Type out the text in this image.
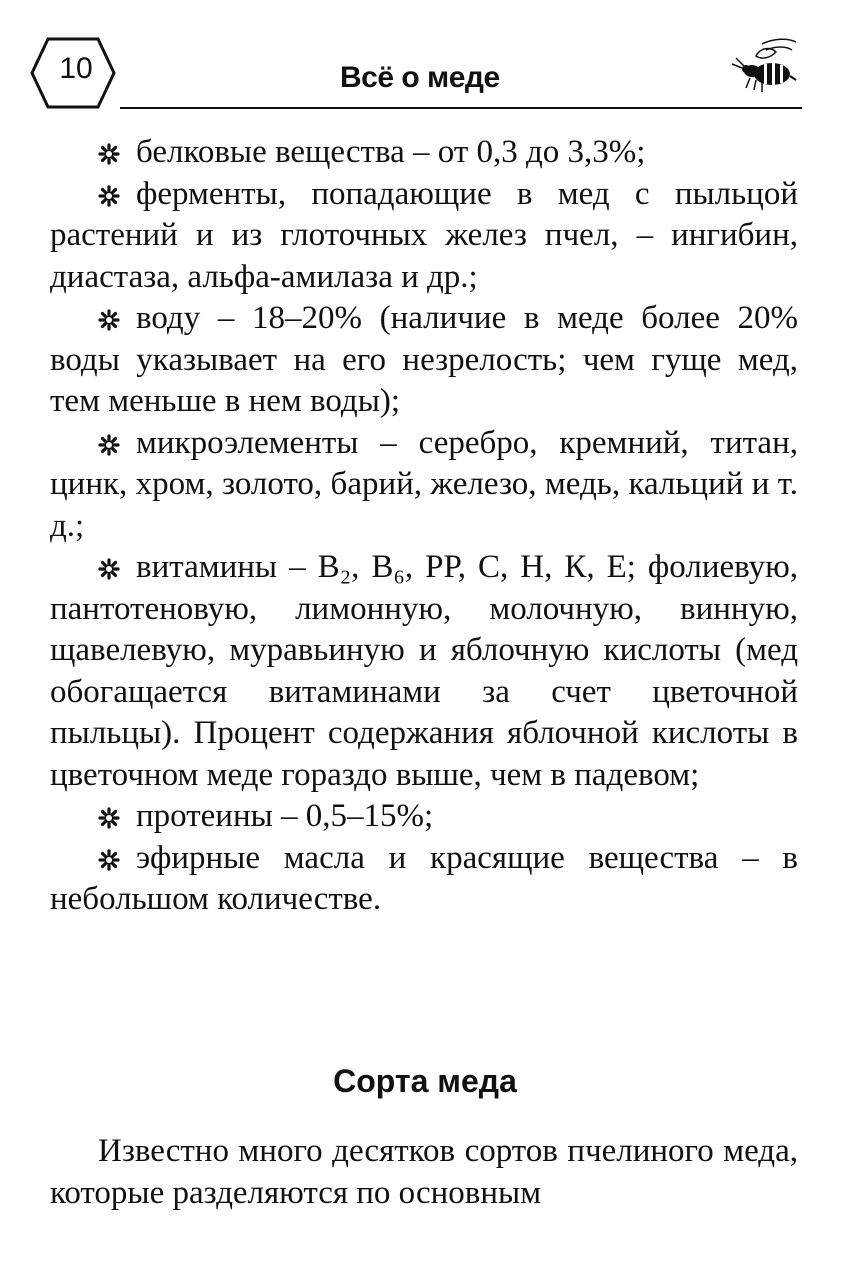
10	Всё о меде

белковые вещества – от 0,3 до 3,3%;

ферменты, попадающие в мед с пыльцой растений и из глоточных желез пчел, – ингибин, диастаза, альфа-амилаза и др.;

воду – 18–20% (наличие в меде более 20% воды указывает на его незрелость; чем гуще мед, тем меньше в нем воды);

микроэлементы – серебро, кремний, титан, цинк, хром, золото, барий, железо, медь, кальций и т. д.;

витамины – В₂, В₆, РР, С, Н, К, Е; фолиевую, пантотеновую, лимонную, молочную, винную, щавелевую, муравьиную и яблочную кислоты (мед обогащается витаминами за счет цветочной пыльцы). Процент содержания яблочной кислоты в цветочном меде гораздо выше, чем в падевом;

протеины – 0,5–15%;

эфирные масла и красящие вещества – в небольшом количестве.

Сорта меда

Известно много десятков сортов пчелиного меда, которые разделяются по основным
